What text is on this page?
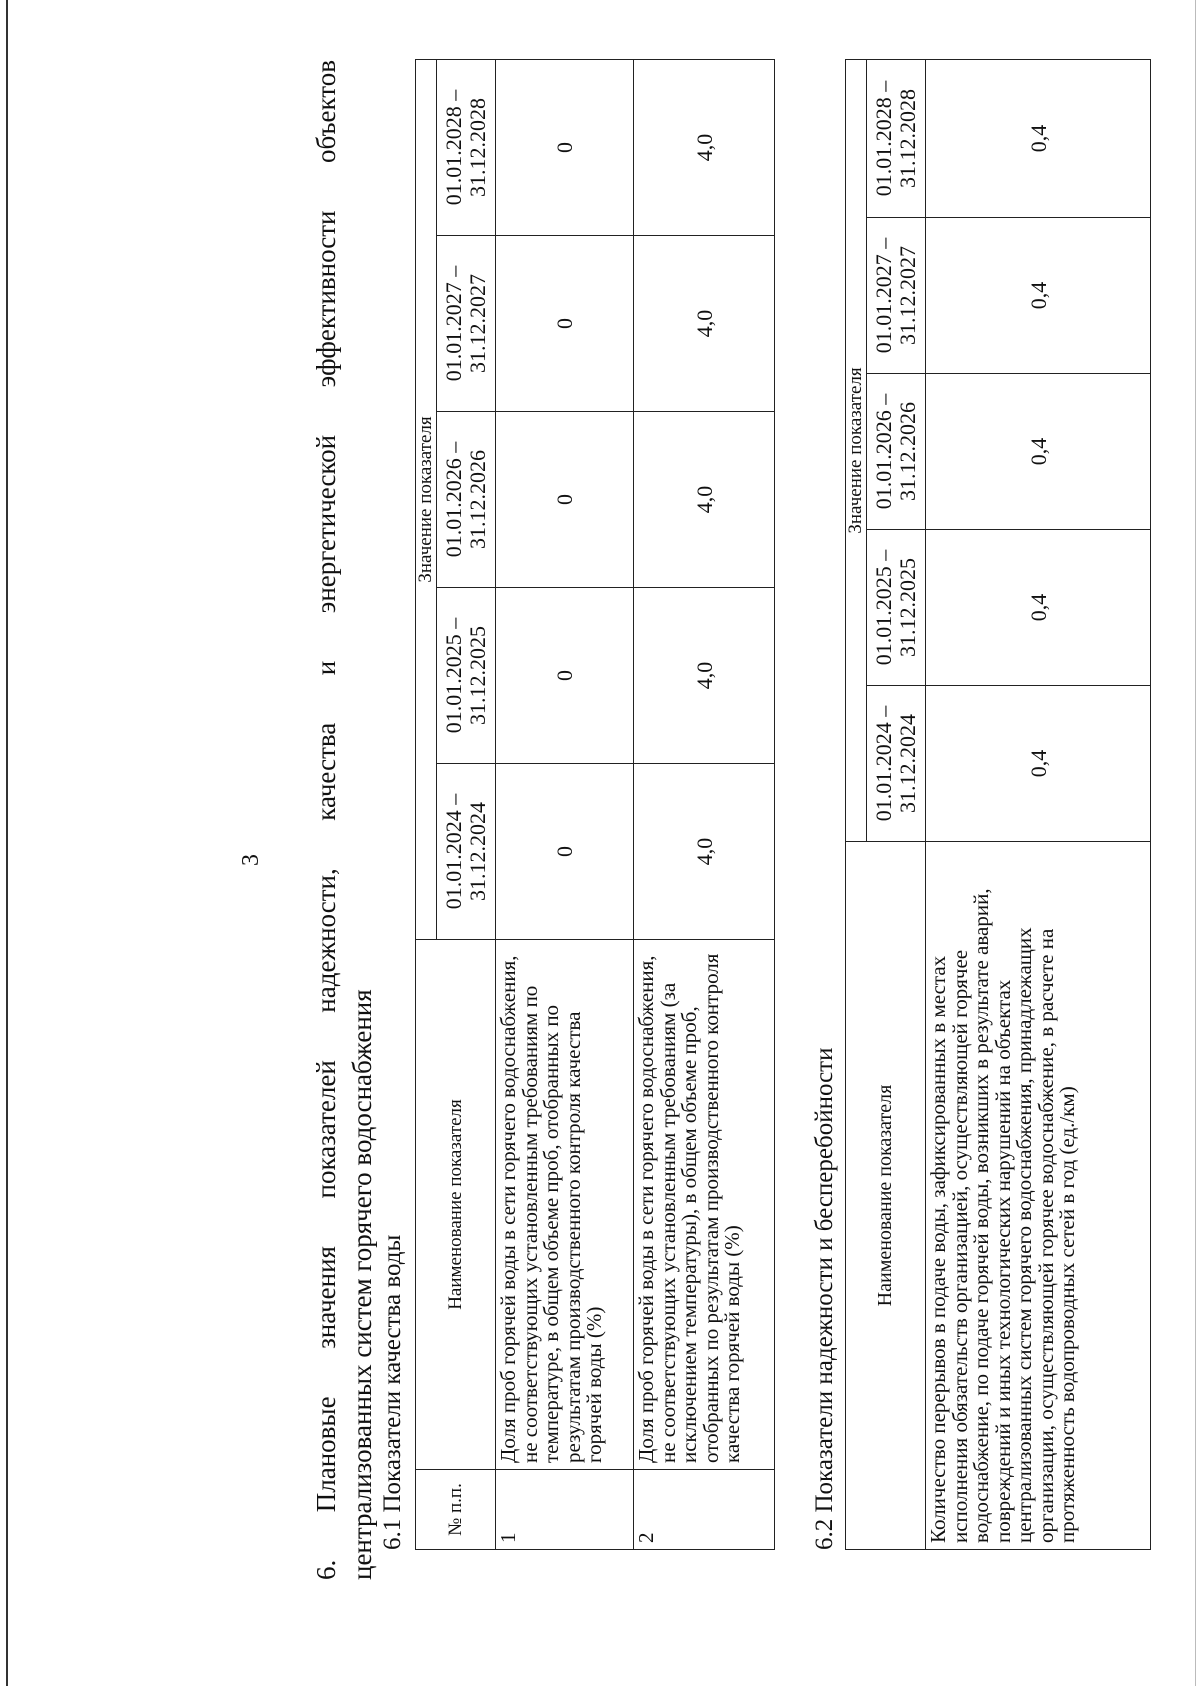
3 6. Плановые значения показателей надежности, качества и энергетической эффективности объектов централизованных систем горячего водоснабжения 6.1 Показатели качества воды № п.п.	Наименование показателя	Значение показателя				
		01.01.2024 – 31.12.2024	01.01.2025 – 31.12.2025	01.01.2026 – 31.12.2026	01.01.2027 – 31.12.2027	01.01.2028 – 31.12.2028
1	Доля проб горячей воды в сети горячего водоснабжения, не соответствующих установленным требованиям по температуре, в общем объеме проб, отобранных по результатам производственного контроля качества горячей воды (%)	0	0	0	0	0
2	Доля проб горячей воды в сети горячего водоснабжения, не соответствующих установленным требованиям (за исключением температуры), в общем объеме проб, отобранных по результатам производственного контроля качества горячей воды (%)	4,0	4,0	4,0	4,0	4,0
6.2 Показатели надежности и бесперебойности Наименование показателя	Значение показателя				
	01.01.2024 – 31.12.2024	01.01.2025 – 31.12.2025	01.01.2026 – 31.12.2026	01.01.2027 – 31.12.2027	01.01.2028 – 31.12.2028
Количество перерывов в подаче воды, зафиксированных в местах исполнения обязательств организацией, осуществляющей горячее водоснабжение, по подаче горячей воды, возникших в результате аварий, повреждений и иных технологических нарушений на объектах централизованных систем горячего водоснабжения, принадлежащих организации, осуществляющей горячее водоснабжение, в расчете на протяженность водопроводных сетей в год (ед./км)	0,4	0,4	0,4	0,4	0,4
